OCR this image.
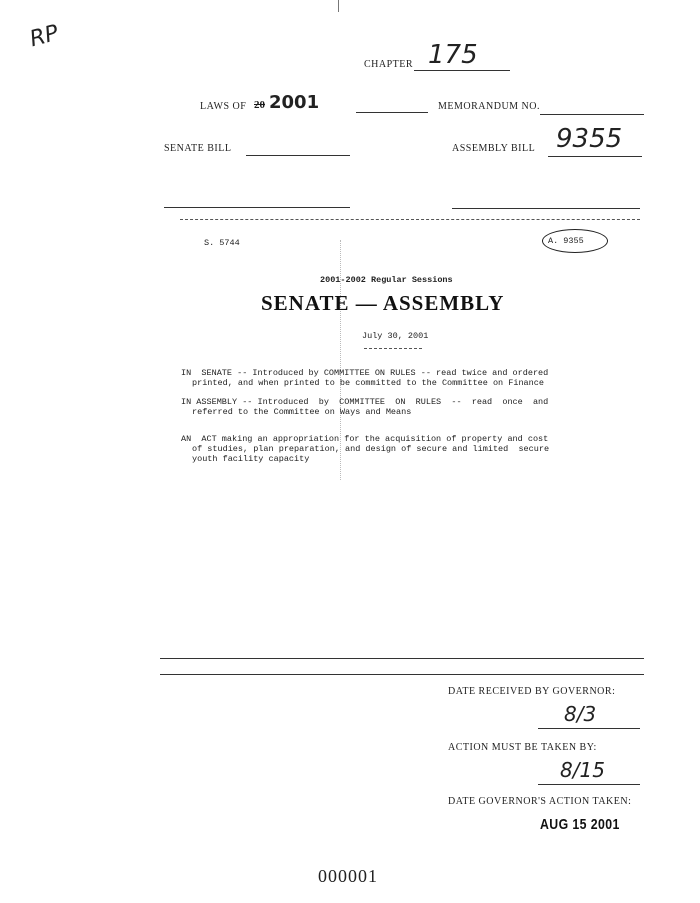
RP
CHAPTER 175
LAWS OF 20 2001	MEMORANDUM NO.
SENATE BILL	ASSEMBLY BILL 9355
S. 5744	A. 9355
2001-2002 Regular Sessions
SENATE — ASSEMBLY
July 30, 2001
IN  SENATE -- Introduced by COMMITTEE ON RULES -- read twice and ordered
printed, and when printed to be committed to the Committee on Finance
IN ASSEMBLY -- Introduced  by  COMMITTEE  ON  RULES  --  read  once  and
referred to the Committee on Ways and Means
AN  ACT making an appropriation for the acquisition of property and cost
of studies, plan preparation, and design of secure and limited  secure
youth facility capacity
DATE RECEIVED BY GOVERNOR:
8/3
ACTION MUST BE TAKEN BY:
8/15
DATE GOVERNOR'S ACTION TAKEN:
AUG 15 2001
000001
